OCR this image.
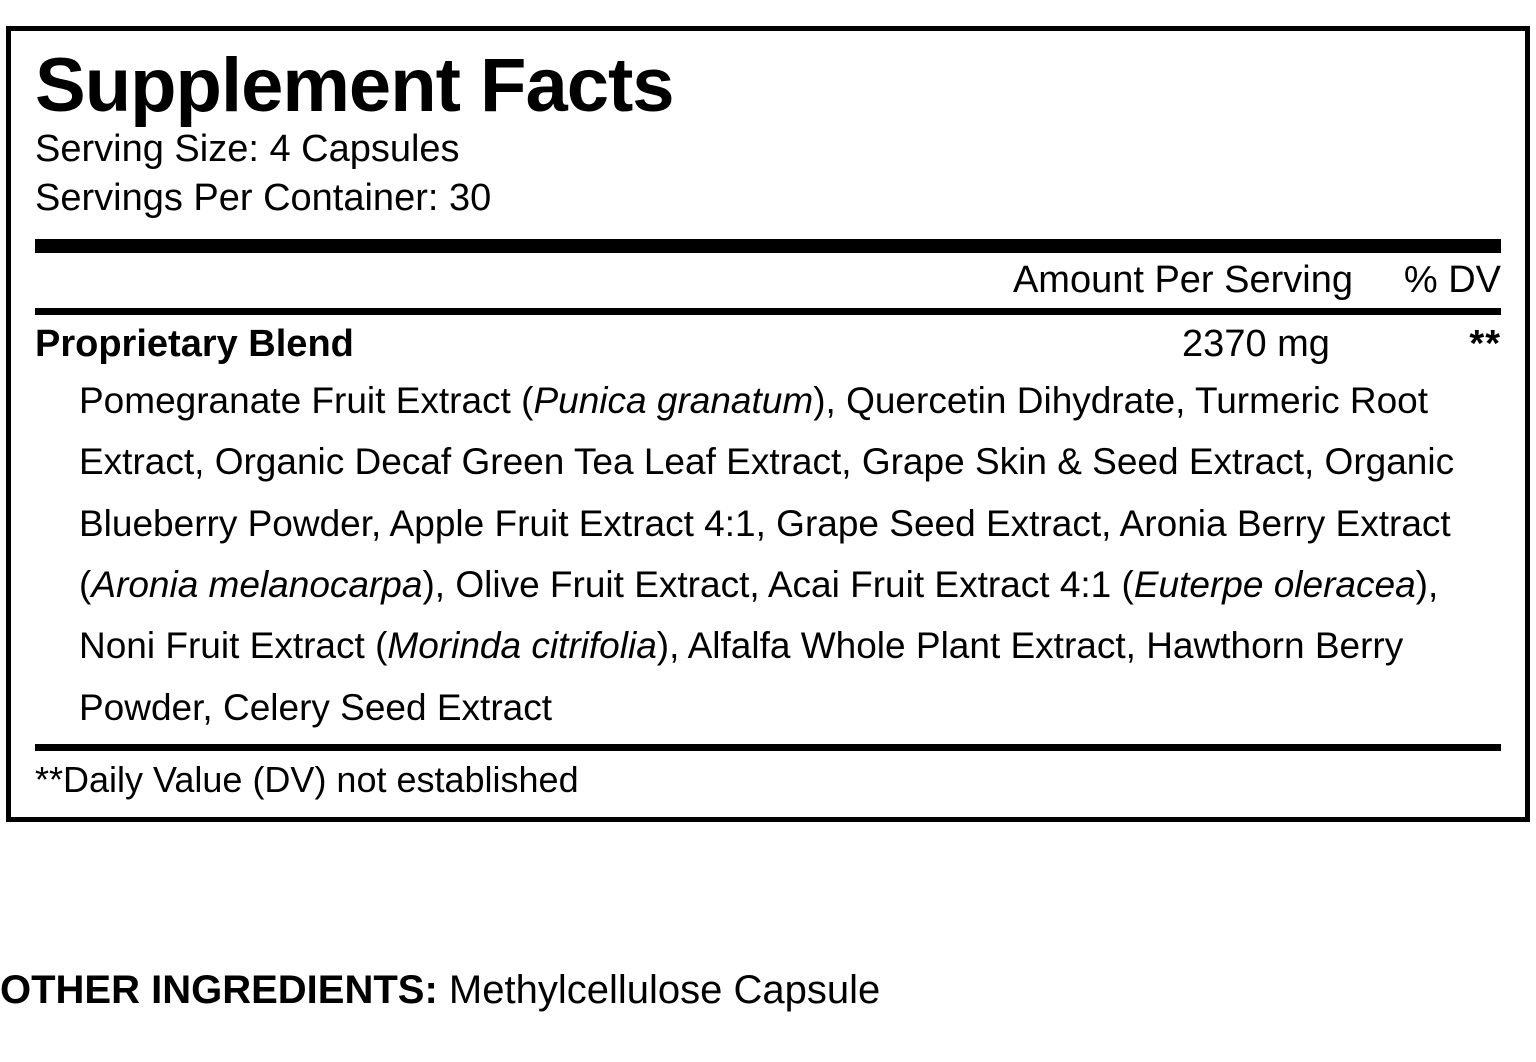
Supplement Facts
Serving Size: 4 Capsules
Servings Per Container: 30
Amount Per Serving	% DV
Proprietary Blend	2370 mg	**
Pomegranate Fruit Extract (Punica granatum), Quercetin Dihydrate, Turmeric Root Extract, Organic Decaf Green Tea Leaf Extract, Grape Skin & Seed Extract, Organic Blueberry Powder, Apple Fruit Extract 4:1, Grape Seed Extract, Aronia Berry Extract (Aronia melanocarpa), Olive Fruit Extract, Acai Fruit Extract 4:1 (Euterpe oleracea), Noni Fruit Extract (Morinda citrifolia), Alfalfa Whole Plant Extract, Hawthorn Berry Powder, Celery Seed Extract
**Daily Value (DV) not established
OTHER INGREDIENTS: Methylcellulose Capsule
